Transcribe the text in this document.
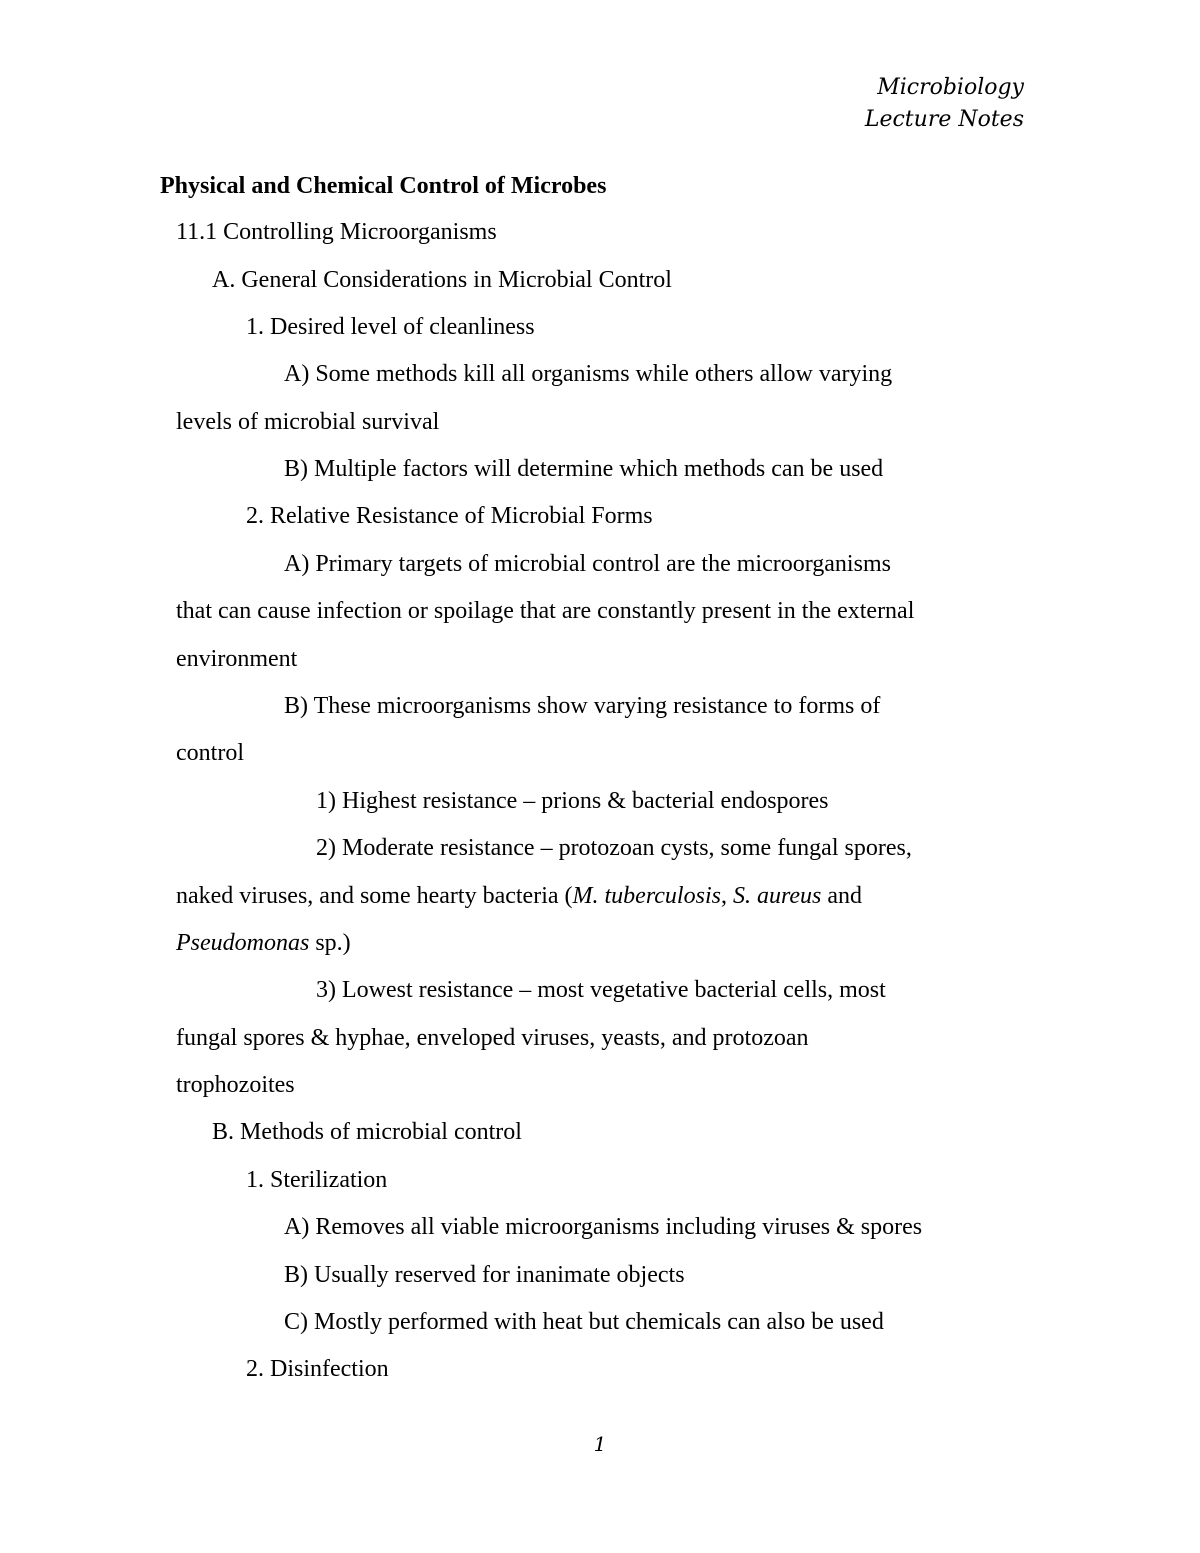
Microbiology
Lecture Notes
Physical and Chemical Control of Microbes
11.1 Controlling Microorganisms
A. General Considerations in Microbial Control
1. Desired level of cleanliness
A) Some methods kill all organisms while others allow varying
levels of microbial survival
B) Multiple factors will determine which methods can be used
2. Relative Resistance of Microbial Forms
A) Primary targets of microbial control are the microorganisms
that can cause infection or spoilage that are constantly present in the external
environment
B) These microorganisms show varying resistance to forms of
control
1) Highest resistance – prions & bacterial endospores
2) Moderate resistance – protozoan cysts, some fungal spores,
naked viruses, and some hearty bacteria (M. tuberculosis, S. aureus and
Pseudomonas sp.)
3) Lowest resistance – most vegetative bacterial cells, most
fungal spores & hyphae, enveloped viruses, yeasts, and protozoan
trophozoites
B. Methods of microbial control
1. Sterilization
A) Removes all viable microorganisms including viruses & spores
B) Usually reserved for inanimate objects
C) Mostly performed with heat but chemicals can also be used
2. Disinfection
1
